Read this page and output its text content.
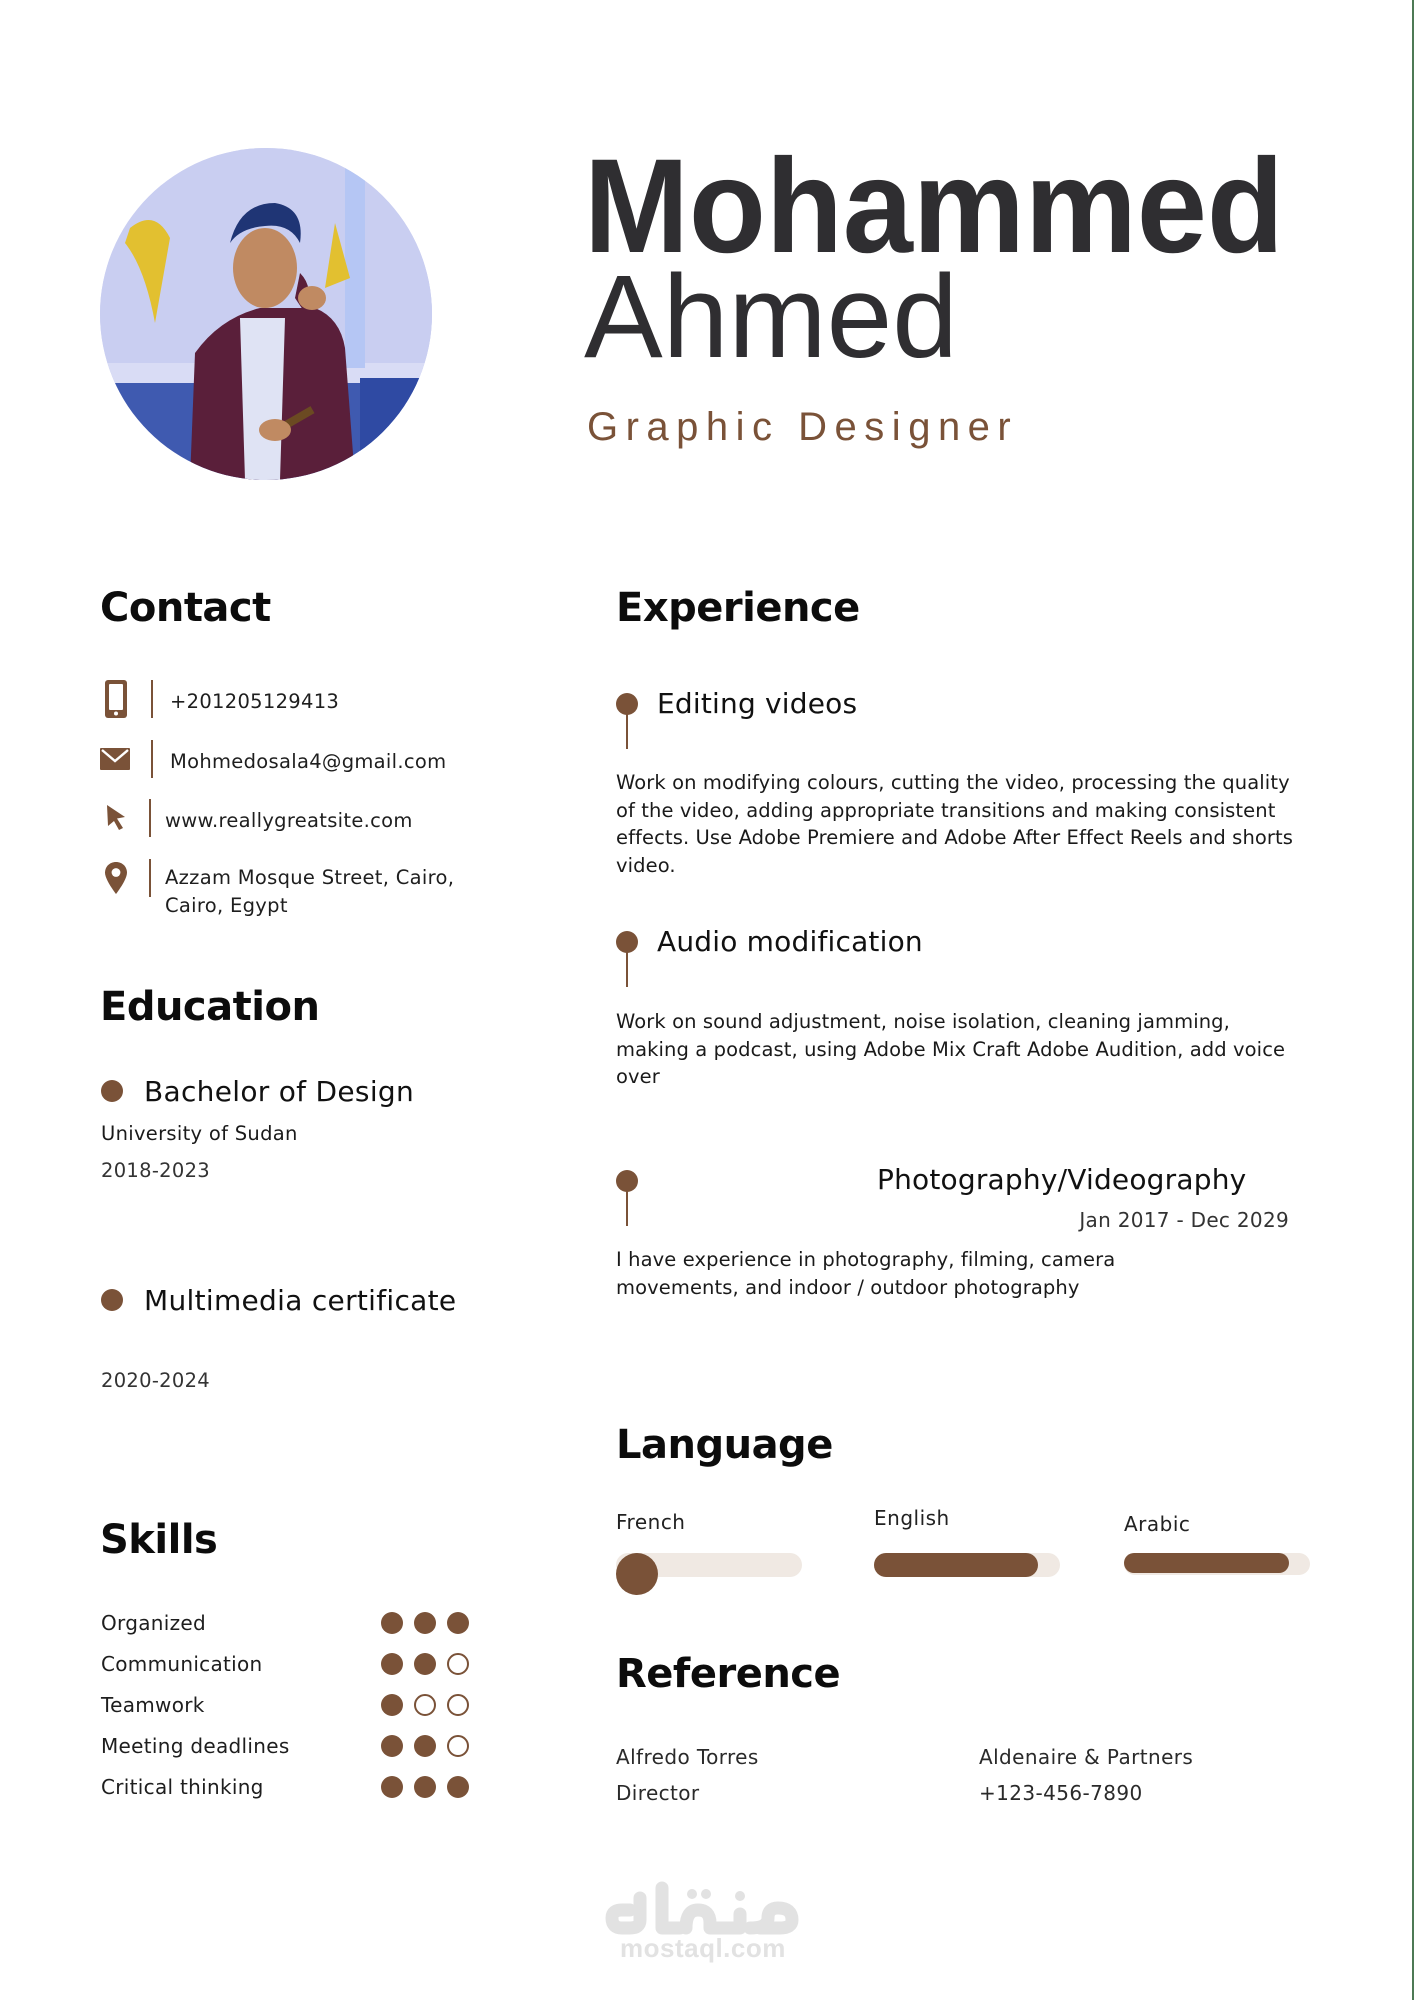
Mohammed
Ahmed
Graphic Designer
Contact
+201205129413
Mohmedosala4@gmail.com
www.reallygreatsite.com
Azzam Mosque Street, Cairo, Cairo, Egypt
Education
Bachelor of Design
University of Sudan
2018-2023
Multimedia certificate
2020-2024
Skills
Organized
Communication
Teamwork
Meeting deadlines
Critical thinking
Experience
Editing videos

Work on modifying colours, cutting the video, processing the quality of the video, adding appropriate transitions and making consistent effects. Use Adobe Premiere and Adobe After Effect Reels and shorts video.

Audio modification

Work on sound adjustment, noise isolation, cleaning jamming, making a podcast, using Adobe Mix Craft Adobe Audition, add voice over

Photography/Videography
Jan 2017 - Dec 2029

I have experience in photography, filming, camera movements, and indoor / outdoor photography

Language
French	English	Arabic
Reference
Alfredo Torres
Director
Aldenaire & Partners
+123-456-7890
mostaql.com
